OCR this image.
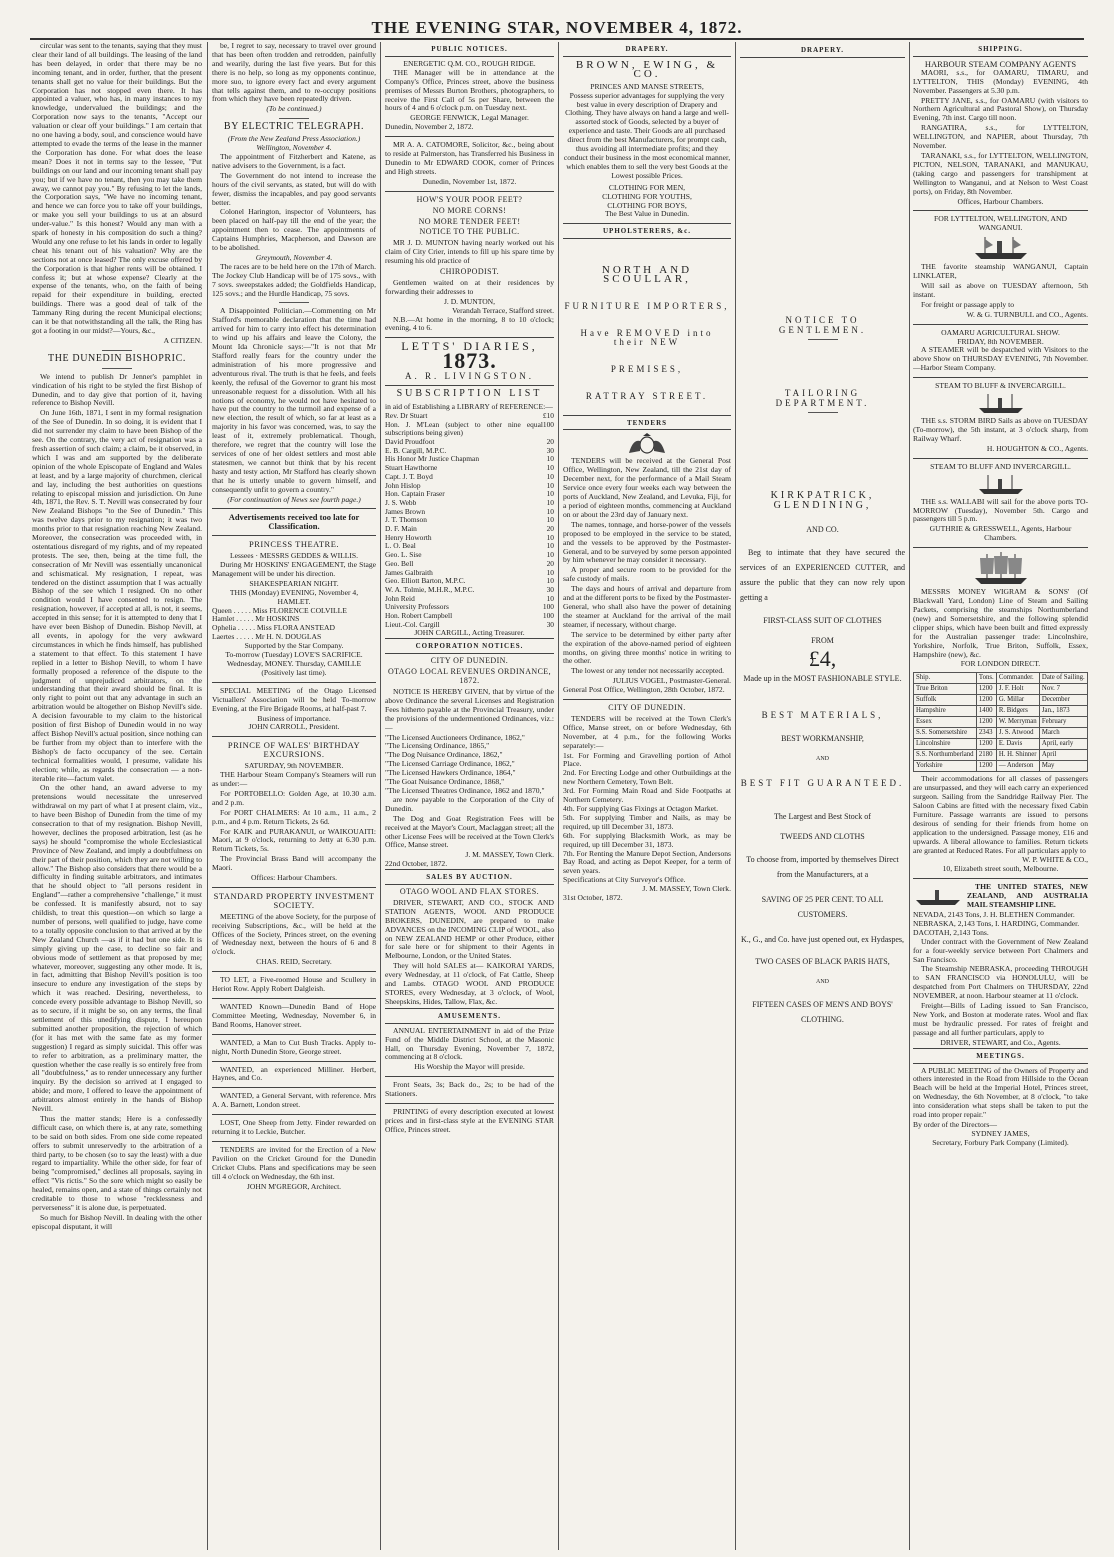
THE EVENING STAR, NOVEMBER 4, 1872.

circular was sent to the tenants, saying that they must clear their land of all buildings. The leasing of the land has been delayed, in order that there may be no incoming tenant, and in order, further, that the present tenants shall get no value for their buildings. But the Corporation has not stopped even there. It has appointed a valuer, who has, in many instances to my knowledge, undervalued the buildings; and the Corporation now says to the tenants, "Accept our valuation or clear off your buildings." I am certain that no one having a body, soul, and conscience would have attempted to evade the terms of the lease in the manner the Corporation has done. For what does the lease mean? Does it not in terms say to the lessee, "Put buildings on our land and our incoming tenant shall pay you; but if we have no tenant, then you may take them away, we cannot pay you." By refusing to let the lands, the Corporation says, "We have no incoming tenant, and hence we can force you to take off your buildings, or make you sell your buildings to us at an absurd under-value." Is this honest? Would any man with a spark of honesty in his composition do such a thing? Would any one refuse to let his lands in order to legally cheat his tenant out of his valuation? Why are the sections not at once leased? The only excuse offered by the Corporation is that higher rents will be obtained. I confess it; but at whose expense? Clearly at the expense of the tenants, who, on the faith of being repaid for their expenditure in building, erected buildings. There was a good deal of talk of the Tammany Ring during the recent Municipal elections; can it be that notwithstanding all the talk, the Ring has got a footing in our midst?—Yours, &c.,

A CITIZEN.
THE DUNEDIN BISHOPRIC.

We intend to publish Dr Jenner's pamphlet in vindication of his right to be styled the first Bishop of Dunedin, and to day give that portion of it, having reference to Bishop Nevill.

On June 16th, 1871, I sent in my formal resignation of the See of Dunedin. In so doing, it is evident that I did not surrender my claim to have been Bishop of the see. On the contrary, the very act of resignation was a fresh assertion of such claim; a claim, be it observed, in which I was and am supported by the deliberate opinion of the whole Episcopate of England and Wales at least, and by a large majority of churchmen, clerical and lay, including the best authorities on questions relating to episcopal mission and jurisdiction. On June 4th, 1871, the Rev. S. T. Nevill was consecrated by four New Zealand Bishops "to the See of Dunedin." This was twelve days prior to my resignation; it was two months prior to that resignation reaching New Zealand. Moreover, the consecration was proceeded with, in ostentatious disregard of my rights, and of my repeated protests. The see, then, being at the time full, the consecration of Mr Nevill was essentially uncanonical and schismatical. My resignation, I repeat, was tendered on the distinct assumption that I was actually Bishop of the see which I resigned. On no other condition would I have consented to resign. The resignation, however, if accepted at all, is not, it seems, accepted in this sense; for it is attempted to deny that I have ever been Bishop of Dunedin. Bishop Nevill, at all events, in apology for the very awkward circumstances in which he finds himself, has published a statement to that effect. To this statement I have replied in a letter to Bishop Nevill, to whom I have formally proposed a reference of the dispute to the judgment of unprejudiced arbitrators, on the understanding that their award should be final. It is only right to point out that any advantage in such an arbitration would be altogether on Bishop Nevill's side. A decision favourable to my claim to the historical position of first Bishop of Dunedin would in no way affect Bishop Nevill's actual position, since nothing can be further from my object than to interfere with the Bishop's de facto occupancy of the see. Certain technical formalities would, I presume, validate his election; while, as regards the consecration — a non-iterable rite—factum valet.

On the other hand, an award adverse to my pretensions would necessitate the unreserved withdrawal on my part of what I at present claim, viz., to have been Bishop of Dunedin from the time of my consecration to that of my resignation. Bishop Nevill, however, declines the proposed arbitration, lest (as he says) he should "compromise the whole Ecclesiastical Province of New Zealand, and imply a doubtfulness on their part of their position, which they are not willing to allow." The Bishop also considers that there would be a difficulty in finding suitable arbitrators, and intimates that he should object to "all persons resident in England"—rather a comprehensive "challenge," it must be confessed. It is manifestly absurd, not to say childish, to treat this question—on which so large a number of persons, well qualified to judge, have come to a totally opposite conclusion to that arrived at by the New Zealand Church —as if it had but one side. It is simply giving up the case, to decline so fair and obvious mode of settlement as that proposed by me; whatever, moreover, suggesting any other mode. It is, in fact, admitting that Bishop Nevill's position is too insecure to endure any investigation of the steps by which it was reached. Desiring, nevertheless, to concede every possible advantage to Bishop Nevill, so as to secure, if it might be so, on any terms, the final settlement of this unedifying dispute, I hereupon submitted another proposition, the rejection of which (for it has met with the same fate as my former suggestion) I regard as simply suicidal. This offer was to refer to arbitration, as a preliminary matter, the question whether the case really is so entirely free from all "doubtfulness," as to render unnecessary any further inquiry. By the decision so arrived at I engaged to abide; and more, I offered to leave the appointment of arbitrators almost entirely in the hands of Bishop Nevill.

Thus the matter stands; Here is a confessedly difficult case, on which there is, at any rate, something to be said on both sides. From one side come repeated offers to submit unreservedly to the arbitration of a third party, to be chosen (so to say the least) with a due regard to impartiality. While the other side, for fear of being "compromised," declines all proposals, saying in effect "Vis rictis." So the sore which might so easily be healed, remains open, and a state of things certainly not creditable to those to whose "recklessness and perverseness" it is alone due, is perpetuated.

So much for Bishop Nevill. In dealing with the other episcopal disputant, it will

be, I regret to say, necessary to travel over ground that has been often trodden and retrodden, painfully and wearily, during the last five years. But for this there is no help, so long as my opponents continue, more suo, to ignore every fact and every argument that tells against them, and to re-occupy positions from which they have been repeatedly driven.

(To be continued.)
BY ELECTRIC TELEGRAPH.
(From the New Zealand Press Association.)
Wellington, November 4.

The appointment of Fitzherbert and Katene, as native advisers to the Government, is a fact.

The Government do not intend to increase the hours of the civil servants, as stated, but will do with fewer, dismiss the incapables, and pay good servants better.

Colonel Harington, inspector of Volunteers, has been placed on half-pay till the end of the year; the appointment then to cease. The appointments of Captains Humphries, Macpherson, and Dawson are to be abolished.

Greymouth, November 4.

The races are to be held here on the 17th of March. The Jockey Club Handicap will be of 175 sovs., with 7 sovs. sweepstakes added; the Goldfields Handicap, 125 sovs.; and the Hurdle Handicap, 75 sovs.

A Disappointed Politician.—Commenting on Mr Stafford's memorable declaration that the time had arrived for him to carry into effect his determination to wind up his affairs and leave the Colony, the Mount Ida Chronicle says:—"It is not that Mr Stafford really fears for the country under the administration of his more progressive and adventurous rival. The truth is that he feels, and feels keenly, the refusal of the Governor to grant his most unreasonable request for a dissolution. With all his notions of economy, he would not have hesitated to have put the country to the turmoil and expense of a new election, the result of which, so far at least as a majority in his favor was concerned, was, to say the least of it, extremely problematical. Though, therefore, we regret that the country will lose the services of one of her oldest settlers and most able statesmen, we cannot but think that by his recent hasty and testy action, Mr Stafford has clearly shown that he is utterly unable to govern himself, and consequently unfit to govern a country."

(For continuation of News see fourth page.)
Advertisements received too late for Classification.
PRINCESS THEATRE.
Lessees · MESSRS GEDDES & WILLIS.

During Mr HOSKINS' ENGAGEMENT, the Stage Management will be under his direction.

SHAKESPEARIAN NIGHT.
THIS (Monday) EVENING, November 4,
HAMLET.
Queen . . . . . Miss FLORENCE COLVILLE
Hamlet . . . . . Mr HOSKINS
Ophelia . . . . . Miss FLORA ANSTEAD
Laertes . . . . . Mr H. N. DOUGLAS
Supported by the Star Company.
To-morrow (Tuesday) LOVE'S SACRIFICE. Wednesday, MONEY. Thursday, CAMILLE (Positively last time).

SPECIAL MEETING of the Otago Licensed Victuallers' Association will be held To-morrow Evening, at the Fire Brigade Rooms, at half-past 7.

Business of importance.
JOHN CARROLL, President.
PRINCE OF WALES' BIRTHDAY EXCURSIONS.
SATURDAY, 9th NOVEMBER.

THE Harbour Steam Company's Steamers will run as under:—

For PORTOBELLO: Golden Age, at 10.30 a.m. and 2 p.m.

For PORT CHALMERS: At 10 a.m., 11 a.m., 2 p.m., and 4 p.m. Return Tickets, 2s 6d.

For KAIK and PURAKANUI, or WAIKOUAITI: Maori, at 9 o'clock, returning to Jetty at 6.30 p.m. Return Tickets, 5s.

The Provincial Brass Band will accompany the Maori.

Offices: Harbour Chambers.
STANDARD PROPERTY INVESTMENT SOCIETY.

MEETING of the above Society, for the purpose of receiving Subscriptions, &c., will be held at the Offices of the Society, Princes street, on the evening of Wednesday next, between the hours of 6 and 8 o'clock.

CHAS. REID, Secretary.

TO LET, a Five-roomed House and Scullery in Heriot Row. Apply Robert Dalgleish.

WANTED Known—Dunedin Band of Hope Committee Meeting, Wednesday, November 6, in Band Rooms, Hanover street.

WANTED, a Man to Cut Bush Tracks. Apply to-night, North Dunedin Store, George street.

WANTED, an experienced Milliner. Herbert, Haynes, and Co.

WANTED, a General Servant, with reference. Mrs A. A. Barnett, London street.

LOST, One Sheep from Jetty. Finder rewarded on returning it to Leckie, Butcher.

TENDERS are invited for the Erection of a New Pavilion on the Cricket Ground for the Dunedin Cricket Clubs. Plans and specifications may be seen till 4 o'clock on Wednesday, the 6th inst.

JOHN M'GREGOR, Architect.
PUBLIC NOTICES.
ENERGETIC Q.M. CO., ROUGH RIDGE.

THE Manager will be in attendance at the Company's Office, Princes street, above the business premises of Messrs Burton Brothers, photographers, to receive the First Call of 5s per Share, between the hours of 4 and 6 o'clock p.m. on Tuesday next.

GEORGE FENWICK, Legal Manager.
Dunedin, November 2, 1872.

MR A. A. CATOMORE, Solicitor, &c., being about to reside at Palmerston, has Transferred his Business in Dunedin to Mr EDWARD COOK, corner of Princes and High streets.

Dunedin, November 1st, 1872.
HOW'S YOUR POOR FEET?
NO MORE CORNS!
NO MORE TENDER FEET!
NOTICE TO THE PUBLIC.

MR J. D. MUNTON having nearly worked out his claim of City Crier, intends to fill up his spare time by resuming his old practice of

CHIROPODIST.

Gentlemen waited on at their residences by forwarding their addresses to

J. D. MUNTON,
Verandah Terrace, Stafford street.

N.B.—At home in the morning, 8 to 10 o'clock; evening, 4 to 6.

LETTS' DIARIES,
1873.
A. R. LIVINGSTON.
SUBSCRIPTION LIST
in aid of Establishing a LIBRARY of REFERENCE:—
Rev. Dr Stuart	£10
Hon. J. M'Lean (subject to other nine equal subscriptions being given)
100
David Proudfoot	20
E. B. Cargill, M.P.C.	30
His Honor Mr Justice Chapman	10
Stuart Hawthorne	10
Capt. J. T. Boyd	10
John Hislop	10
Hon. Captain Fraser	10
J. S. Webb	10
James Brown	10
J. T. Thomson	10
D. F. Main	20
Henry Howorth	10
L. O. Beal	10
Geo. L. Sise	10
Geo. Bell	20
James Galbraith	10
Geo. Elliott Barton, M.P.C.	10
W. A. Tolmie, M.H.R., M.P.C.	30
John Reid	10
University Professors	100
Hon. Robert Campbell	100
Lieut.-Col. Cargill	30
JOHN CARGILL, Acting Treasurer.
CORPORATION NOTICES.
CITY OF DUNEDIN.
OTAGO LOCAL REVENUES ORDINANCE, 1872.

NOTICE IS HEREBY GIVEN, that by virtue of the above Ordinance the several Licenses and Registration Fees hitherto payable at the Provincial Treasury, under the provisions of the undermentioned Ordinances, viz.:—

"The Licensed Auctioneers Ordinance, 1862,"
"The Licensing Ordinance, 1865,"
"The Dog Nuisance Ordinance, 1862,"
"The Licensed Carriage Ordinance, 1862,"
"The Licensed Hawkers Ordinance, 1864,"
"The Goat Nuisance Ordinance, 1868,"
"The Licensed Theatres Ordinance, 1862 and 1870,"

are now payable to the Corporation of the City of Dunedin.

The Dog and Goat Registration Fees will be received at the Mayor's Court, Maclaggan street; all the other License Fees will be received at the Town Clerk's Office, Manse street.

J. M. MASSEY, Town Clerk.
22nd October, 1872.
SALES BY AUCTION.
OTAGO WOOL AND FLAX STORES.

DRIVER, STEWART, AND CO., STOCK AND STATION AGENTS, WOOL AND PRODUCE BROKERS, DUNEDIN, are prepared to make ADVANCES on the INCOMING CLIP of WOOL, also on NEW ZEALAND HEMP or other Produce, either for sale here or for shipment to their Agents in Melbourne, London, or the United States.

They will hold SALES at— KAIKORAI YARDS, every Wednesday, at 11 o'clock, of Fat Cattle, Sheep and Lambs. OTAGO WOOL AND PRODUCE STORES, every Wednesday, at 3 o'clock, of Wool, Sheepskins, Hides, Tallow, Flax, &c.

AMUSEMENTS.

ANNUAL ENTERTAINMENT in aid of the Prize Fund of the Middle District School, at the Masonic Hall, on Thursday Evening, November 7, 1872, commencing at 8 o'clock.

His Worship the Mayor will preside.

Front Seats, 3s; Back do., 2s; to be had of the Stationers.

PRINTING of every description executed at lowest prices and in first-class style at the EVENING STAR Office, Princes street.

DRAPERY.
BROWN, EWING, & CO.
PRINCES AND MANSE STREETS,
Possess superior advantages for supplying the very best value in every description of Drapery and Clothing. They have always on hand a large and well-assorted stock of Goods, selected by a buyer of experience and taste. Their Goods are all purchased direct from the best Manufacturers, for prompt cash, thus avoiding all intermediate profits; and they conduct their business in the most economical manner, which enables them to sell the very best Goods at the Lowest possible Prices.
CLOTHING FOR MEN,
CLOTHING FOR YOUTHS,
CLOTHING FOR BOYS,
The Best Value in Dunedin.
UPHOLSTERERS, &c.
NORTH AND SCOULLAR,
FURNITURE IMPORTERS,
Have REMOVED into their NEW
PREMISES,
RATTRAY STREET.
TENDERS

TENDERS will be received at the General Post Office, Wellington, New Zealand, till the 21st day of December next, for the performance of a Mail Steam Service once every four weeks each way between the ports of Auckland, New Zealand, and Levuka, Fiji, for a period of eighteen months, commencing at Auckland on or about the 23rd day of January next.

The names, tonnage, and horse-power of the vessels proposed to be employed in the service to be stated, and the vessels to be approved by the Postmaster-General, and to be surveyed by some person appointed by him whenever he may consider it necessary.

A proper and secure room to be provided for the safe custody of mails.

The days and hours of arrival and departure from and at the different ports to be fixed by the Postmaster-General, who shall also have the power of detaining the steamer at Auckland for the arrival of the mail steamer, if necessary, without charge.

The service to be determined by either party after the expiration of the above-named period of eighteen months, on giving three months' notice in writing to the other.

The lowest or any tender not necessarily accepted.

JULIUS VOGEL, Postmaster-General.
General Post Office, Wellington, 28th October, 1872.
CITY OF DUNEDIN.

TENDERS will be received at the Town Clerk's Office, Manse street, on or before Wednesday, 6th November, at 4 p.m., for the following Works separately:—

1st. For Forming and Gravelling portion of Athol Place.
2nd. For Erecting Lodge and other Outbuildings at the new Northern Cemetery, Town Belt.
3rd. For Forming Main Road and Side Footpaths at Northern Cemetery.
4th. For supplying Gas Fixings at Octagon Market.
5th. For supplying Timber and Nails, as may be required, up till December 31, 1873.
6th. For supplying Blacksmith Work, as may be required, up till December 31, 1873.
7th. For Renting the Manure Depot Section, Andersons Bay Road, and acting as Depot Keeper, for a term of seven years.
Specifications at City Surveyor's Office.
J. M. MASSEY, Town Clerk.
31st October, 1872.
DRAPERY.
NOTICE TO GENTLEMEN.
TAILORING DEPARTMENT.
KIRKPATRICK, GLENDINING,
AND CO.

Beg to intimate that they have secured the services of an EXPERIENCED CUTTER, and assure the public that they can now rely upon getting a

FIRST-CLASS SUIT OF CLOTHES
FROM
£4,
Made up in the MOST FASHIONABLE STYLE.
BEST MATERIALS,
BEST WORKMANSHIP,
AND
BEST FIT GUARANTEED.
The Largest and Best Stock of
TWEEDS AND CLOTHS
To choose from, imported by themselves Direct from the Manufacturers, at a
SAVING OF 25 PER CENT. TO ALL CUSTOMERS.
K., G., and Co. have just opened out, ex Hydaspes,
TWO CASES OF BLACK PARIS HATS,
AND
FIFTEEN CASES OF MEN'S AND BOYS' CLOTHING.
SHIPPING.
HARBOUR STEAM COMPANY AGENTS

MAORI, s.s., for OAMARU, TIMARU, and LYTTELTON, THIS (Monday) EVENING, 4th November. Passengers at 5.30 p.m.

PRETTY JANE, s.s., for OAMARU (with visitors to Northern Agricultural and Pastoral Show), on Thursday Evening, 7th inst. Cargo till noon.

RANGATIRA, s.s., for LYTTELTON, WELLINGTON, and NAPIER, about Thursday, 7th November.

TARANAKI, s.s., for LYTTELTON, WELLINGTON, PICTON, NELSON, TARANAKI, and MANUKAU, (taking cargo and passengers for transhipment at Wellington to Wanganui, and at Nelson to West Coast ports), on Friday, 8th November.

Offices, Harbour Chambers.
FOR LYTTELTON, WELLINGTON, AND WANGANUI.

THE favorite steamship WANGANUI, Captain LINKLATER,

Will sail as above on TUESDAY afternoon, 5th instant.

For freight or passage apply to

W. & G. TURNBULL and CO., Agents.
OAMARU AGRICULTURAL SHOW.
FRIDAY, 8th NOVEMBER.

A STEAMER will be despatched with Visitors to the above Show on THURSDAY EVENING, 7th November.—Harbor Steam Company.

STEAM TO BLUFF & INVERCARGILL.

THE s.s. STORM BIRD Sails as above on TUESDAY (To-morrow), the 5th instant, at 3 o'clock sharp, from Railway Wharf.

H. HOUGHTON & CO., Agents.
STEAM TO BLUFF AND INVERCARGILL.

THE s.s. WALLABI will sail for the above ports TO-MORROW (Tuesday), November 5th. Cargo and passengers till 5 p.m.

GUTHRIE & GRESSWELL, Agents, Harbour Chambers.

MESSRS MONEY WIGRAM & SONS' (Of Blackwall Yard, London) Line of Steam and Sailing Packets, comprising the steamships Northumberland (new) and Somersetshire, and the following splendid clipper ships, which have been built and fitted expressly for the Australian passenger trade: Lincolnshire, Yorkshire, Norfolk, True Briton, Suffolk, Essex, Hampshire (new), &c.

FOR LONDON DIRECT.
Ship.	Tons.	Commander.	Date of Sailing.
True Briton	1200	J. F. Holt	Nov. 7
Suffolk	1200	G. Millar	December
Hampshire	1400	R. Bidgers	Jan., 1873
Essex	1200	W. Merryman	February
S.S. Somersetshire	2343	J. S. Atwood	March
Lincolnshire	1200	E. Davis	April, early
S.S. Northumberland	2180	H. H. Shinner	April
Yorkshire	1200	— Anderson	May

Their accommodations for all classes of passengers are unsurpassed, and they will each carry an experienced surgeon. Sailing from the Sandridge Railway Pier. The Saloon Cabins are fitted with the necessary fixed Cabin Furniture. Passage warrants are issued to persons desirous of sending for their friends from home on application to the undersigned. Passage money, £16 and upwards. A liberal allowance to families. Return tickets are granted at Reduced Rates. For all particulars apply to

W. P. WHITE & CO.,
10, Elizabeth street south, Melbourne.

THE UNITED STATES, NEW ZEALAND, AND AUSTRALIA MAIL STEAMSHIP LINE.

NEVADA, 2143 Tons, J. H. BLETHEN Commander.
NEBRASKA, 2,143 Tons, I. HARDING, Commander.
DACOTAH, 2,143 Tons.

Under contract with the Government of New Zealand for a four-weekly service between Port Chalmers and San Francisco.

The Steamship NEBRASKA, proceeding THROUGH to SAN FRANCISCO via HONOLULU, will be despatched from Port Chalmers on THURSDAY, 22nd NOVEMBER, at noon. Harbour steamer at 11 o'clock.

Freight—Bills of Lading issued to San Francisco, New York, and Boston at moderate rates. Wool and flax must be hydraulic pressed. For rates of freight and passage and all further particulars, apply to

DRIVER, STEWART, and Co., Agents.
MEETINGS.

A PUBLIC MEETING of the Owners of Property and others interested in the Road from Hillside to the Ocean Beach will be held at the Imperial Hotel, Princes street, on Wednesday, the 6th November, at 8 o'clock, "to take into consideration what steps shall be taken to put the road into proper repair."

By order of the Directors—
SYDNEY JAMES,
Secretary, Forbury Park Company (Limited).
